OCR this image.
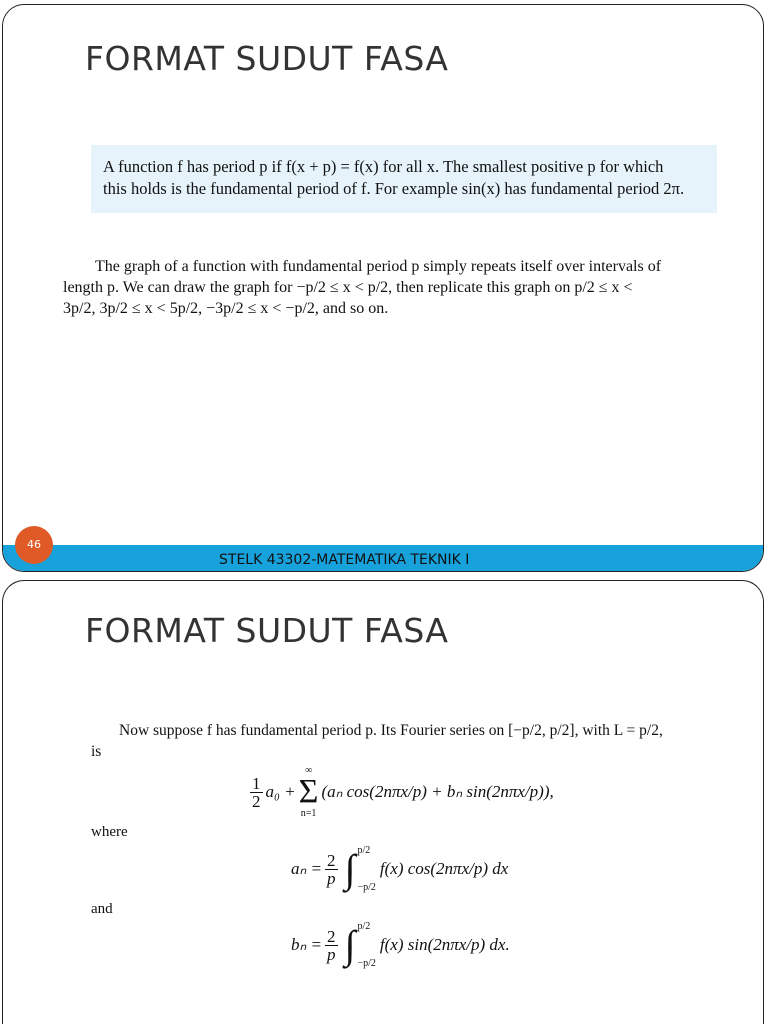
FORMAT SUDUT FASA

A function f has period p if f(x + p) = f(x) for all x. The smallest positive p for which

this holds is the fundamental period of f. For example sin(x) has fundamental period 2π.

The graph of a function with fundamental period p simply repeats itself over intervals of

length p. We can draw the graph for −p/2 ≤ x < p/2, then replicate this graph on p/2 ≤ x <

3p/2, 3p/2 ≤ x < 5p/2, −3p/2 ≤ x < −p/2, and so on.

STELK 43302-MATEMATIKA TEKNIK I
46
FORMAT SUDUT FASA

Now suppose f has fundamental period p. Its Fourier series on [−p/2, p/2], with L = p/2,

is

$\frac{1}{2} a_0$ +
∞
Σ
n=1
(aₙ cos(2nπx/p) + bₙ sin(2nπx/p)),
where
$a_n = \frac{2}{p}$ ∫ p/2
−p/2
f(x) cos(2nπx/p) dx
and
$b_n = \frac{2}{p}$ ∫ p/2
−p/2
f(x) sin(2nπx/p) dx.
